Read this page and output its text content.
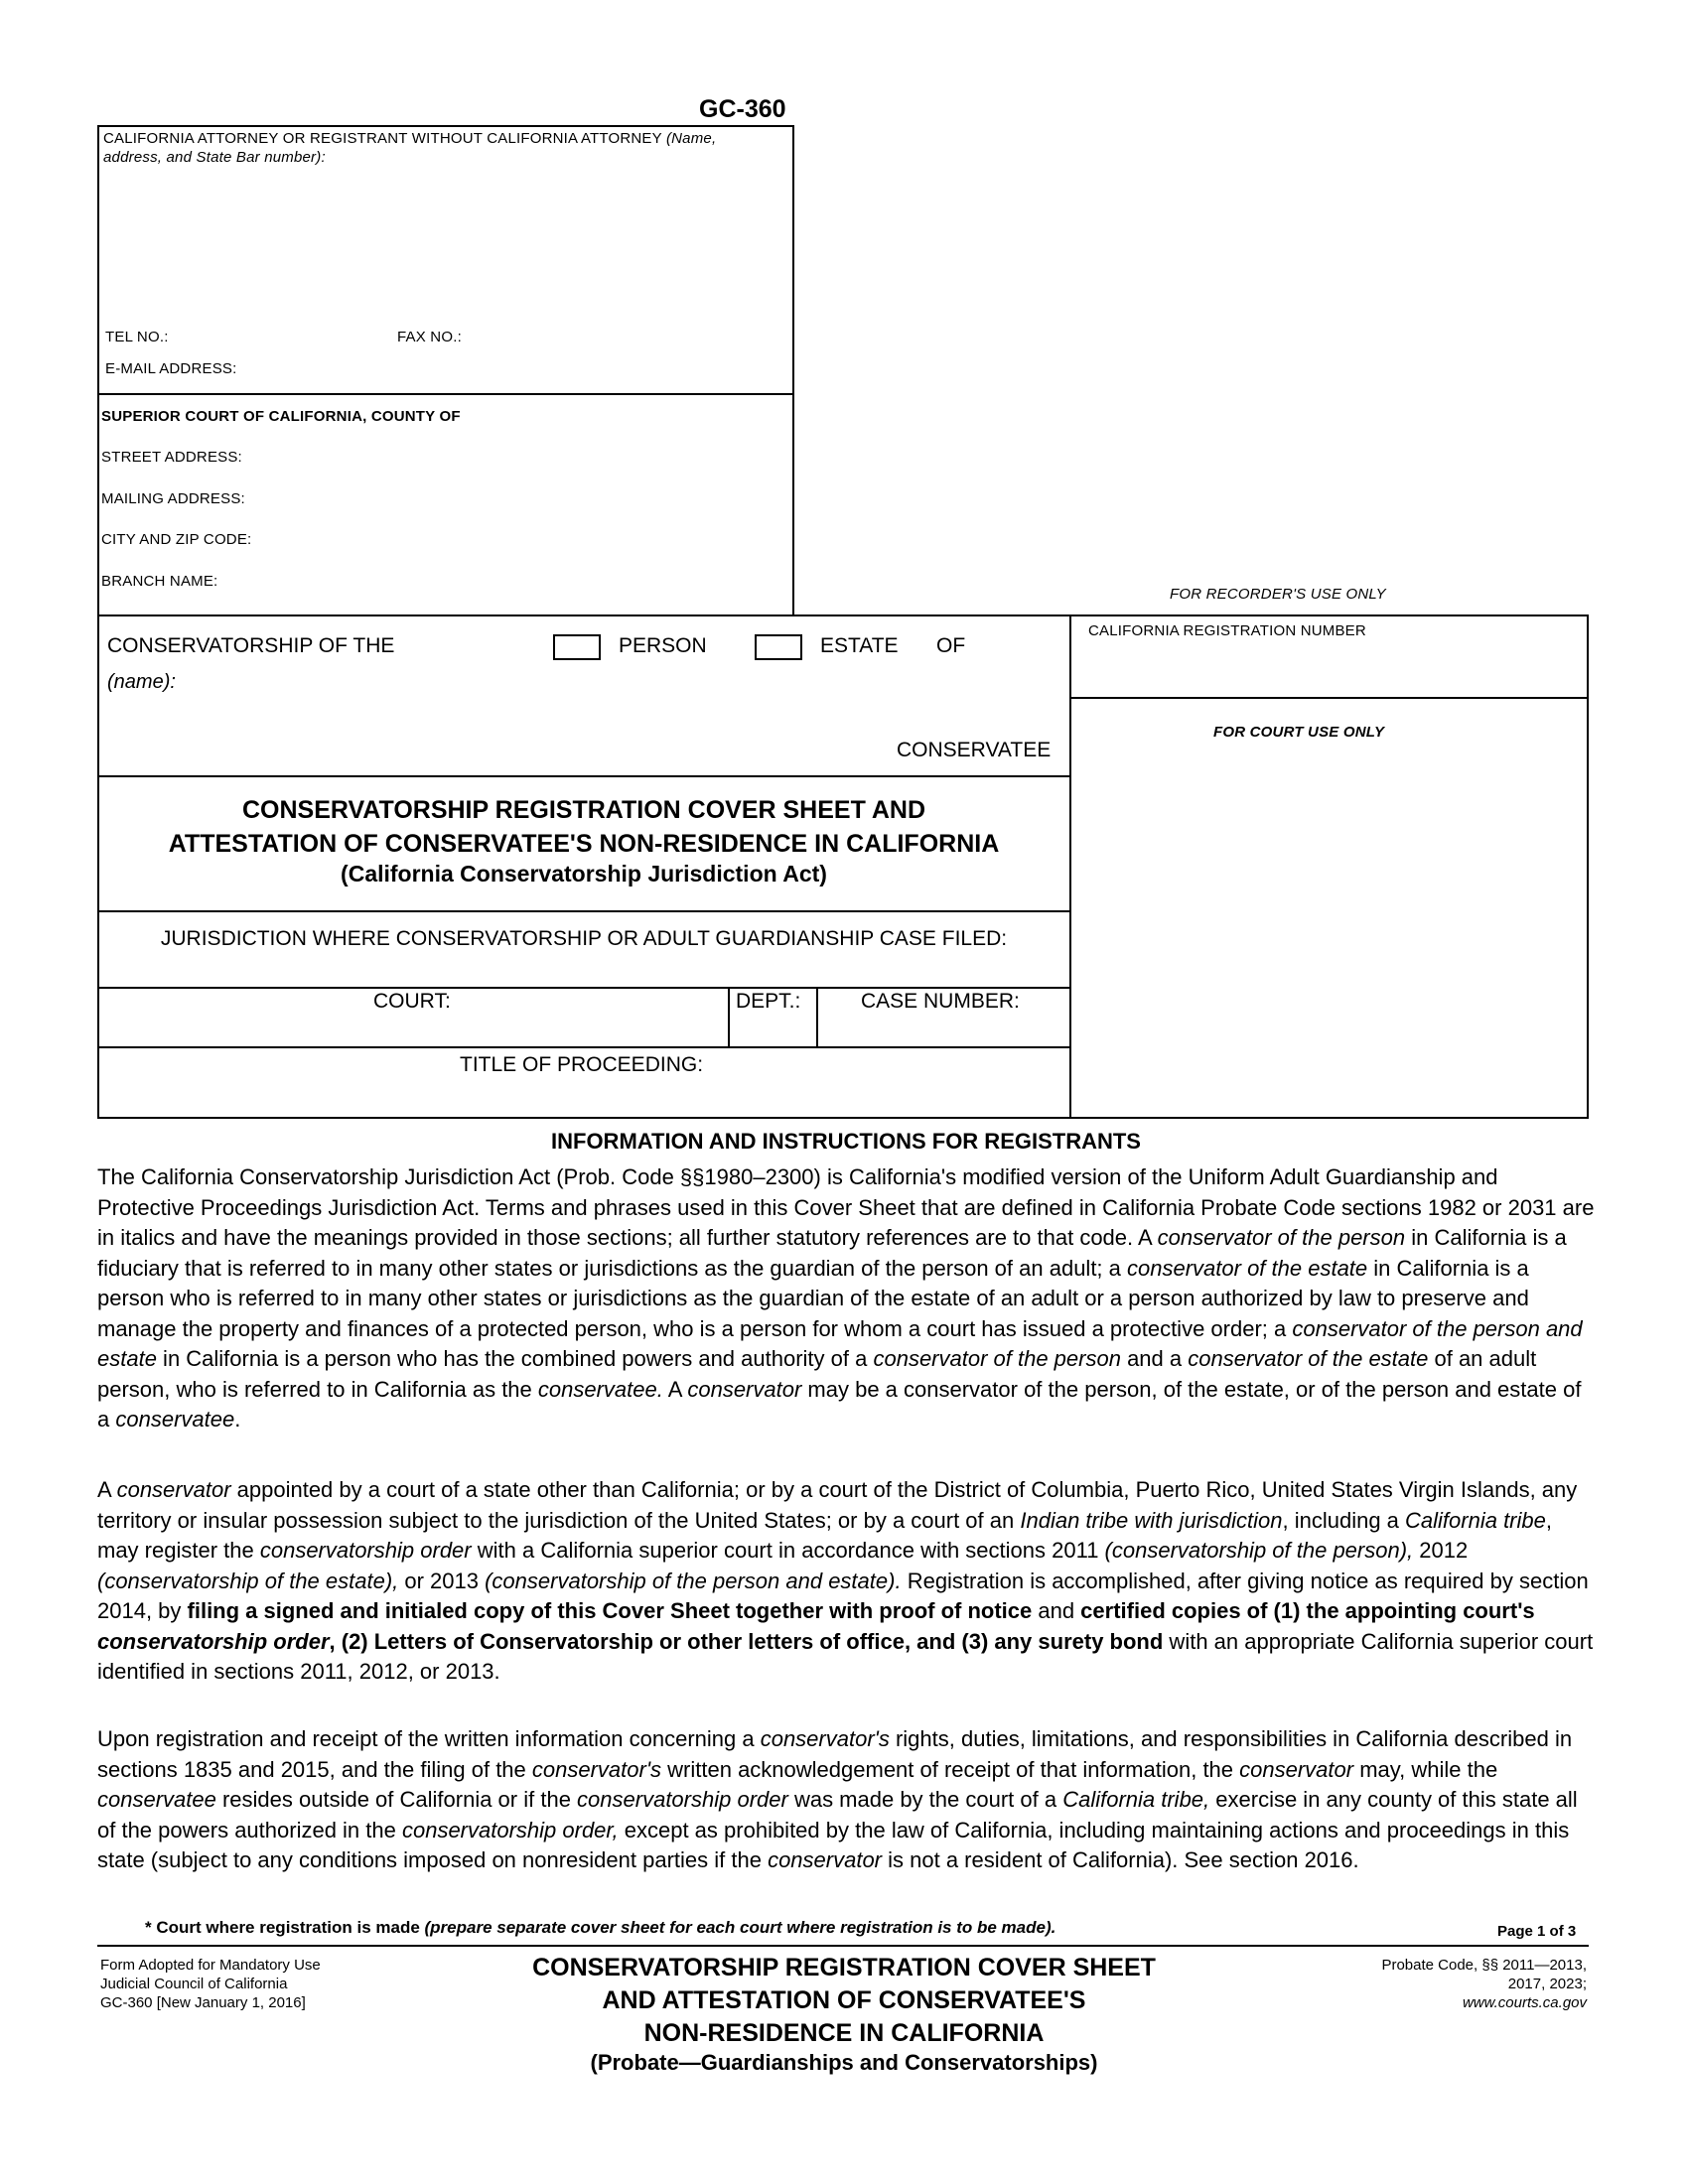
GC-360
CALIFORNIA ATTORNEY OR REGISTRANT WITHOUT CALIFORNIA ATTORNEY (Name,
address, and State Bar number):
TEL NO.:	FAX NO.:
E-MAIL ADDRESS:
SUPERIOR COURT OF CALIFORNIA, COUNTY OF
STREET ADDRESS:
MAILING ADDRESS:
CITY AND ZIP CODE:
BRANCH NAME:
FOR RECORDER'S USE ONLY
CALIFORNIA REGISTRATION NUMBER
FOR COURT USE ONLY
CONSERVATORSHIP OF THE	PERSON	ESTATE OF
(name):
CONSERVATEE
CONSERVATORSHIP REGISTRATION COVER SHEET AND
ATTESTATION OF CONSERVATEE'S NON-RESIDENCE IN CALIFORNIA
(California Conservatorship Jurisdiction Act)
JURISDICTION WHERE CONSERVATORSHIP OR ADULT GUARDIANSHIP CASE FILED:
COURT:	DEPT.:	CASE NUMBER:
TITLE OF PROCEEDING:
INFORMATION AND INSTRUCTIONS FOR REGISTRANTS
The California Conservatorship Jurisdiction Act (Prob. Code §§1980–2300) is California's modified version of the Uniform Adult Guardianship and Protective Proceedings Jurisdiction Act. Terms and phrases used in this Cover Sheet that are defined in California Probate Code sections 1982 or 2031 are in italics and have the meanings provided in those sections; all further statutory references are to that code. A conservator of the person in California is a fiduciary that is referred to in many other states or jurisdictions as the guardian of the person of an adult; a conservator of the estate in California is a person who is referred to in many other states or jurisdictions as the guardian of the estate of an adult or a person authorized by law to preserve and manage the property and finances of a protected person, who is a person for whom a court has issued a protective order; a conservator of the person and estate in California is a person who has the combined powers and authority of a conservator of the person and a conservator of the estate of an adult person, who is referred to in California as the conservatee. A conservator may be a conservator of the person, of the estate, or of the person and estate of a conservatee.
A conservator appointed by a court of a state other than California; or by a court of the District of Columbia, Puerto Rico, United States Virgin Islands, any territory or insular possession subject to the jurisdiction of the United States; or by a court of an Indian tribe with jurisdiction, including a California tribe, may register the conservatorship order with a California superior court in accordance with sections 2011 (conservatorship of the person), 2012 (conservatorship of the estate), or 2013 (conservatorship of the person and estate). Registration is accomplished, after giving notice as required by section 2014, by filing a signed and initialed copy of this Cover Sheet together with proof of notice and certified copies of (1) the appointing court's conservatorship order, (2) Letters of Conservatorship or other letters of office, and (3) any surety bond with an appropriate California superior court identified in sections 2011, 2012, or 2013.
Upon registration and receipt of the written information concerning a conservator's rights, duties, limitations, and responsibilities in California described in sections 1835 and 2015, and the filing of the conservator's written acknowledgement of receipt of that information, the conservator may, while the conservatee resides outside of California or if the conservatorship order was made by the court of a California tribe, exercise in any county of this state all of the powers authorized in the conservatorship order, except as prohibited by the law of California, including maintaining actions and proceedings in this state (subject to any conditions imposed on nonresident parties if the conservator is not a resident of California). See section 2016.
* Court where registration is made (prepare separate cover sheet for each court where registration is to be made).	Page 1 of 3
Form Adopted for Mandatory Use
Judicial Council of California
GC-360 [New January 1, 2016]
CONSERVATORSHIP REGISTRATION COVER SHEET
AND ATTESTATION OF CONSERVATEE'S
NON-RESIDENCE IN CALIFORNIA
(Probate—Guardianships and Conservatorships)
Probate Code, §§ 2011—2013,
2017, 2023;
www.courts.ca.gov
